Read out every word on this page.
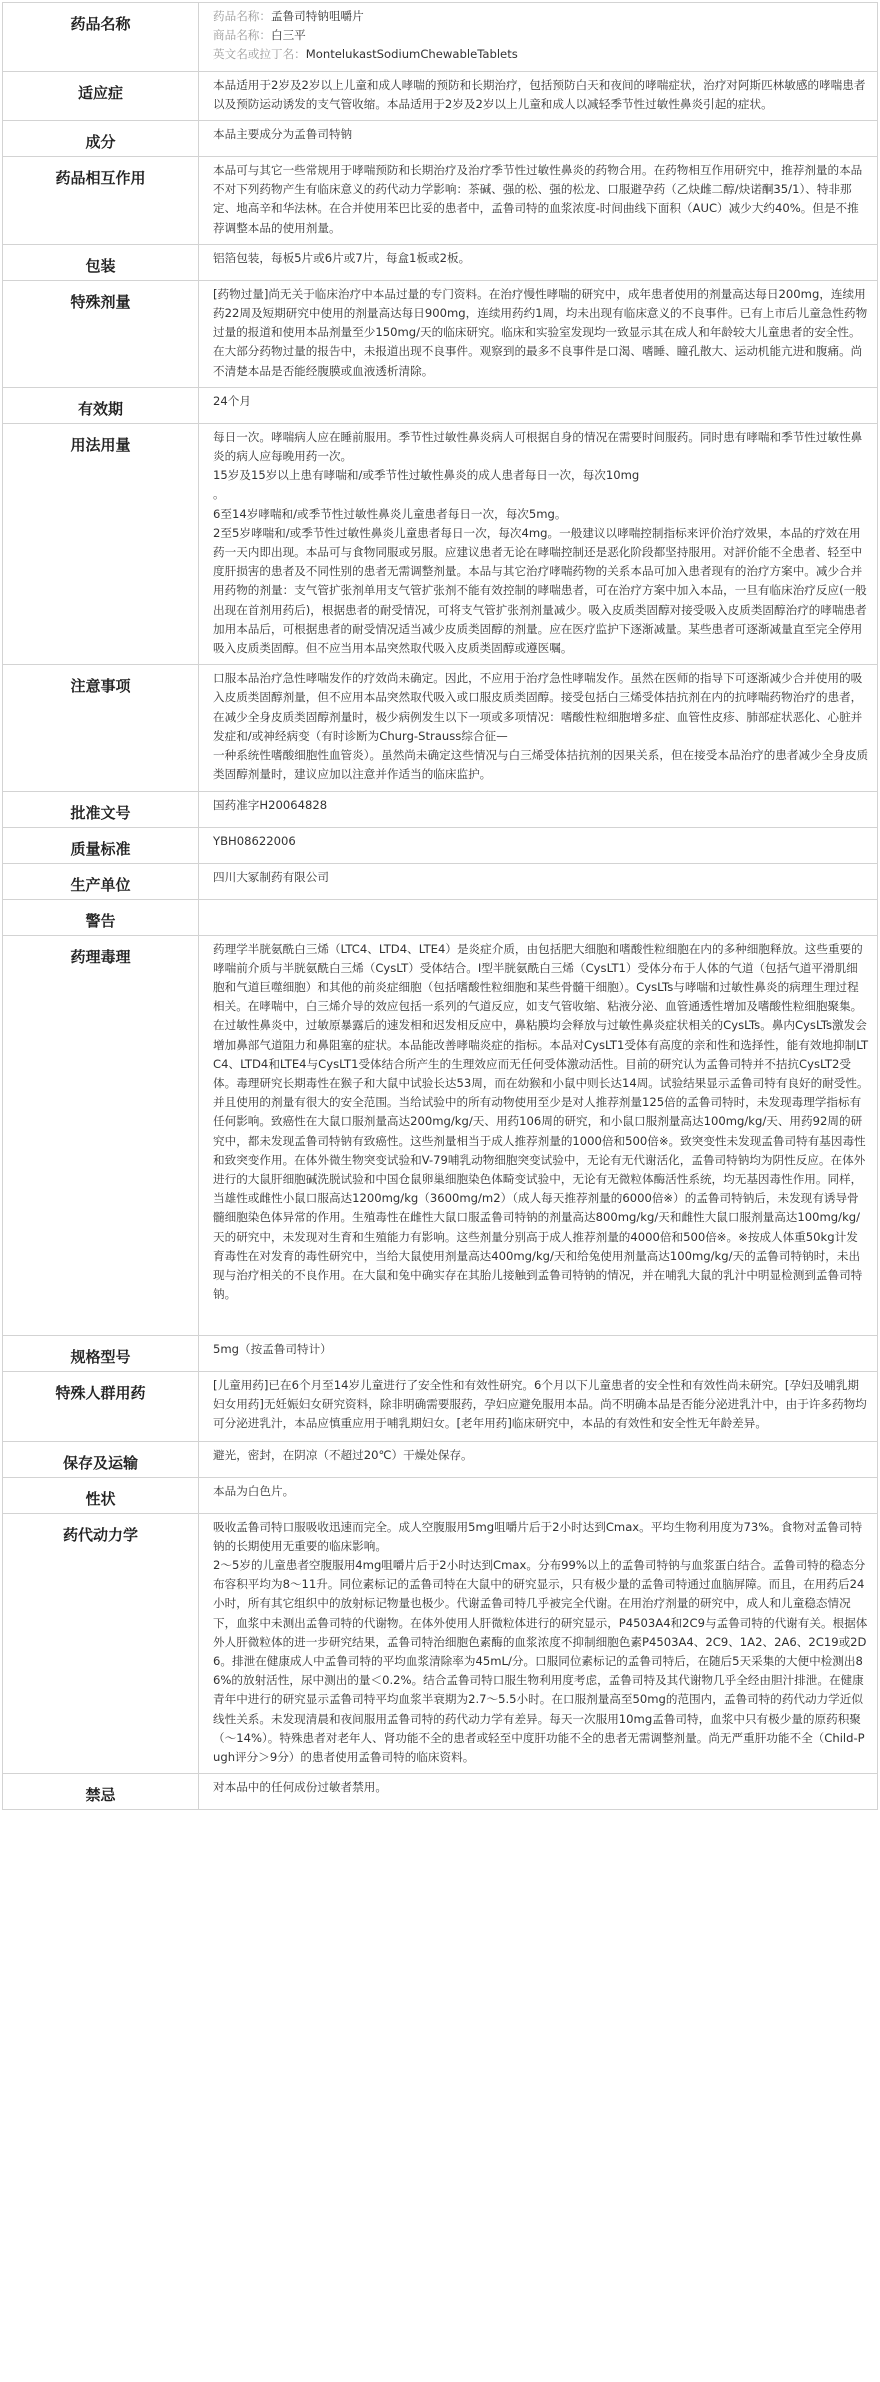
药品名称	药品名称：孟鲁司特钠咀嚼片
商品名称：白三平
英文名或拉丁名：MontelukastSodiumChewableTablets

适应症	本品适用于2岁及2岁以上儿童和成人哮喘的预防和长期治疗，包括预防白天和夜间的哮喘症状，治疗对阿斯匹林敏感的哮喘患者以及预防运动诱发的支气管收缩。本品适用于2岁及2岁以上儿童和成人以减轻季节性过敏性鼻炎引起的症状。
成分	本品主要成分为孟鲁司特钠
药品相互作用	本品可与其它一些常规用于哮喘预防和长期治疗及治疗季节性过敏性鼻炎的药物合用。在药物相互作用研究中，推荐剂量的本品不对下列药物产生有临床意义的药代动力学影响：茶碱、强的松、强的松龙、口服避孕药（乙炔雌二醇/炔诺酮35/1）、特非那定、地高辛和华法林。在合并使用苯巴比妥的患者中，孟鲁司特的血浆浓度-时间曲线下面积（AUC）减少大约40%。但是不推荐调整本品的使用剂量。
包装	铝箔包装，每板5片或6片或7片，每盒1板或2板。
特殊剂量	[药物过量]尚无关于临床治疗中本品过量的专门资料。在治疗慢性哮喘的研究中，成年患者使用的剂量高达每日200mg，连续用药22周及短期研究中使用的剂量高达每日900mg，连续用药约1周，均未出现有临床意义的不良事件。已有上市后儿童急性药物过量的报道和使用本品剂量至少150mg/天的临床研究。临床和实验室发现均一致显示其在成人和年龄较大儿童患者的安全性。在大部分药物过量的报告中，未报道出现不良事件。观察到的最多不良事件是口渴、嗜睡、瞳孔散大、运动机能亢进和腹痛。尚不清楚本品是否能经腹膜或血液透析清除。
有效期	24个月
用法用量	每日一次。哮喘病人应在睡前服用。季节性过敏性鼻炎病人可根据自身的情况在需要时间服药。同时患有哮喘和季节性过敏性鼻炎的病人应每晚用药一次。
15岁及15岁以上患有哮喘和/或季节性过敏性鼻炎的成人患者每日一次，每次10mg
。
6至14岁哮喘和/或季节性过敏性鼻炎儿童患者每日一次，每次5mg。
2至5岁哮喘和/或季节性过敏性鼻炎儿童患者每日一次，每次4mg。一般建议以哮喘控制指标来评价治疗效果，本品的疗效在用药一天内即出现。本品可与食物同服或另服。应建议患者无论在哮喘控制还是恶化阶段都坚持服用。对評价能不全患者、轻至中度肝损害的患者及不同性别的患者无需调整剂量。本品与其它治疗哮喘药物的关系本品可加入患者现有的治疗方案中。减少合并用药物的剂量：支气管扩张剂单用支气管扩张剂不能有效控制的哮喘患者，可在治疗方案中加入本品，一旦有临床治疗反应(一般出现在首剂用药后)，根据患者的耐受情况，可将支气管扩张剂剂量减少。吸入皮质类固醇对接受吸入皮质类固醇治疗的哮喘患者加用本品后，可根据患者的耐受情况适当减少皮质类固醇的剂量。应在医疗监护下逐渐减量。某些患者可逐渐减量直至完全停用吸入皮质类固醇。但不应当用本品突然取代吸入皮质类固醇或遵医嘱。

注意事项	口服本品治疗急性哮喘发作的疗效尚未确定。因此，不应用于治疗急性哮喘发作。虽然在医师的指导下可逐渐减少合并使用的吸入皮质类固醇剂量，但不应用本品突然取代吸入或口服皮质类固醇。接受包括白三烯受体拮抗剂在内的抗哮喘药物治疗的患者，在减少全身皮质类固醇剂量时，极少病例发生以下一项或多项情况：嗜酸性粒细胞增多症、血管性皮疹、肺部症状恶化、心脏并发症和/或神经病变（有时诊断为Churg-Strauss综合征—
一种系统性嗜酸细胞性血管炎）。虽然尚未确定这些情况与白三烯受体拮抗剂的因果关系，但在接受本品治疗的患者减少全身皮质类固醇剂量时，建议应加以注意并作适当的临床监护。

批准文号	国药准字H20064828
质量标准	YBH08622006
生产单位	四川大冢制药有限公司
警告	
药理毒理	药理学半胱氨酰白三烯（LTC4、LTD4、LTE4）是炎症介质，由包括肥大细胞和嗜酸性粒细胞在内的多种细胞释放。这些重要的哮喘前介质与半胱氨酰白三烯（CysLT）受体结合。I型半胱氨酰白三烯（CysLT1）受体分布于人体的气道（包括气道平滑肌细胞和气道巨噬细胞）和其他的前炎症细胞（包括嗜酸性粒细胞和某些骨髓干细胞）。CysLTs与哮喘和过敏性鼻炎的病理生理过程相关。在哮喘中，白三烯介导的效应包括一系列的气道反应，如支气管收缩、粘液分泌、血管通透性增加及嗜酸性粒细胞聚集。在过敏性鼻炎中，过敏原暴露后的速发相和迟发相反应中，鼻粘膜均会释放与过敏性鼻炎症状相关的CysLTs。鼻内CysLTs激发会增加鼻部气道阻力和鼻阻塞的症状。本品能改善哮喘炎症的指标。本品对CysLT1受体有高度的亲和性和选择性，能有效地抑制LTC4、LTD4和LTE4与CysLT1受体结合所产生的生理效应而无任何受体激动活性。目前的研究认为孟鲁司特并不拮抗CysLT2受体。毒理研究长期毒性在猴子和大鼠中试验长达53周，而在幼猴和小鼠中则长达14周。试验结果显示孟鲁司特有良好的耐受性。并且使用的剂量有很大的安全范围。当给试验中的所有动物使用至少是对人推荐剂量125倍的孟鲁司特时，未发现毒理学指标有任何影响。致癌性在大鼠口服剂量高达200mg/kg/天、用药106周的研究，和小鼠口服剂量高达100mg/kg/天、用药92周的研究中，都未发现孟鲁司特钠有致癌性。这些剂量相当于成人推荐剂量的1000倍和500倍※。致突变性未发现孟鲁司特有基因毒性和致突变作用。在体外微生物突变试验和V-79哺乳动物细胞突变试验中，无论有无代谢活化，孟鲁司特钠均为阴性反应。在体外进行的大鼠肝细胞碱洗脱试验和中国仓鼠卵巢细胞染色体畸变试验中，无论有无微粒体酶活性系统，均无基因毒性作用。同样，当雄性或雌性小鼠口服高达1200mg/kg（3600mg/m2）（成人每天推荐剂量的6000倍※）的孟鲁司特钠后，未发现有诱导骨髓细胞染色体异常的作用。生殖毒性在雌性大鼠口服孟鲁司特钠的剂量高达800mg/kg/天和雌性大鼠口服剂量高达100mg/kg/天的研究中，未发现对生育和生殖能力有影响。这些剂量分别高于成人推荐剂量的4000倍和500倍※。※按成人体重50kg计发育毒性在对发育的毒性研究中，当给大鼠使用剂量高达400mg/kg/天和给兔使用剂量高达100mg/kg/天的孟鲁司特钠时，未出现与治疗相关的不良作用。在大鼠和兔中确实存在其胎儿接触到孟鲁司特钠的情况，并在哺乳大鼠的乳汁中明显检测到孟鲁司特钠。
规格型号	5mg（按孟鲁司特计）
特殊人群用药	[儿童用药]已在6个月至14岁儿童进行了安全性和有效性研究。6个月以下儿童患者的安全性和有效性尚未研究。[孕妇及哺乳期妇女用药]无妊娠妇女研究资料，除非明确需要服药，孕妇应避免服用本品。尚不明确本品是否能分泌进乳汁中，由于许多药物均可分泌进乳汁，本品应慎重应用于哺乳期妇女。[老年用药]临床研究中，本品的有效性和安全性无年龄差异。
保存及运输	避光，密封，在阴凉（不超过20℃）干燥处保存。
性状	本品为白色片。
药代动力学	吸收孟鲁司特口服吸收迅速而完全。成人空腹服用5mg咀嚼片后于2小时达到Cmax。平均生物利用度为73%。食物对孟鲁司特钠的长期使用无重要的临床影响。
2～5岁的儿童患者空腹服用4mg咀嚼片后于2小时达到Cmax。分布99%以上的孟鲁司特钠与血浆蛋白结合。孟鲁司特的稳态分布容积平均为8～11升。同位素标记的孟鲁司特在大鼠中的研究显示，只有极少量的孟鲁司特通过血脑屏障。而且，在用药后24小时，所有其它组织中的放射标记物量也极少。代谢孟鲁司特几乎被完全代谢。在用治疗剂量的研究中，成人和儿童稳态情况下，血浆中未测出孟鲁司特的代谢物。在体外使用人肝微粒体进行的研究显示，P4503A4和2C9与孟鲁司特的代谢有关。根据体外人肝微粒体的进一步研究结果，孟鲁司特治细胞色素酶的血浆浓度不抑制细胞色素P4503A4、2C9、1A2、2A6、2C19或2D6。排泄在健康成人中孟鲁司特的平均血浆清除率为45mL/分。口服同位素标记的孟鲁司特后，在随后5天采集的大便中检测出86%的放射活性，尿中测出的量＜0.2%。结合孟鲁司特口服生物利用度考虑，孟鲁司特及其代谢物几乎全经由胆汁排泄。在健康青年中进行的研究显示孟鲁司特平均血浆半衰期为2.7～5.5小时。在口服剂量高至50mg的范围内，孟鲁司特的药代动力学近似线性关系。未发现清晨和夜间服用孟鲁司特的药代动力学有差异。每天一次服用10mg孟鲁司特，血浆中只有极少量的原药积聚（～14%）。特殊患者对老年人、肾功能不全的患者或轻至中度肝功能不全的患者无需调整剂量。尚无严重肝功能不全（Child-Pugh评分＞9分）的患者使用孟鲁司特的临床资料。

禁忌	对本品中的任何成份过敏者禁用。
